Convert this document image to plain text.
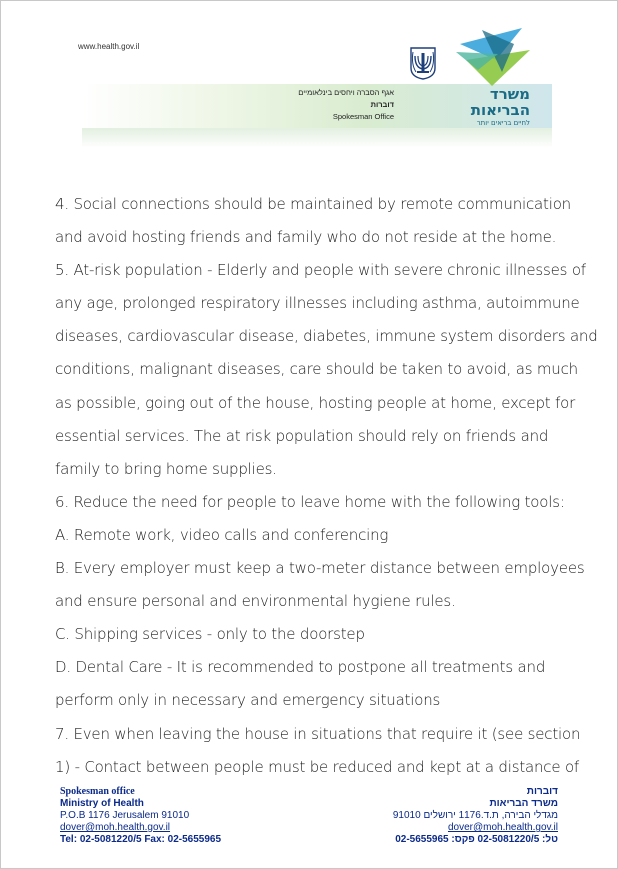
www.health.gov.il
אגף הסברה ויחסים בינלאומיים
דוברות
Spokesman Office
משרד הבריאות
לחיים בריאים יותר

4. Social connections should be maintained by remote communication

and avoid hosting friends and family who do not reside at the home.

5. At-risk population - Elderly and people with severe chronic illnesses of

any age, prolonged respiratory illnesses including asthma, autoimmune

diseases, cardiovascular disease, diabetes, immune system disorders and

conditions, malignant diseases, care should be taken to avoid, as much

as possible, going out of the house, hosting people at home, except for

essential services. The at risk population should rely on friends and

family to bring home supplies.

6. Reduce the need for people to leave home with the following tools:

A. Remote work, video calls and conferencing

B. Every employer must keep a two-meter distance between employees

and ensure personal and environmental hygiene rules.

C. Shipping services - only to the doorstep

D. Dental Care - It is recommended to postpone all treatments and

perform only in necessary and emergency situations

7. Even when leaving the house in situations that require it (see section

1) - Contact between people must be reduced and kept at a distance of

Spokesman office
Ministry of Health
P.O.B 1176 Jerusalem 91010
dover@moh.health.gov.il
Tel: 02-5081220/5 Fax: 02-5655965
דוברות
משרד הבריאות
מגדלי הבירה, ת.ד.1176 ירושלים 91010
dover@moh.health.gov.il
טל: 02-5081220/5 פקס: 02-5655965
